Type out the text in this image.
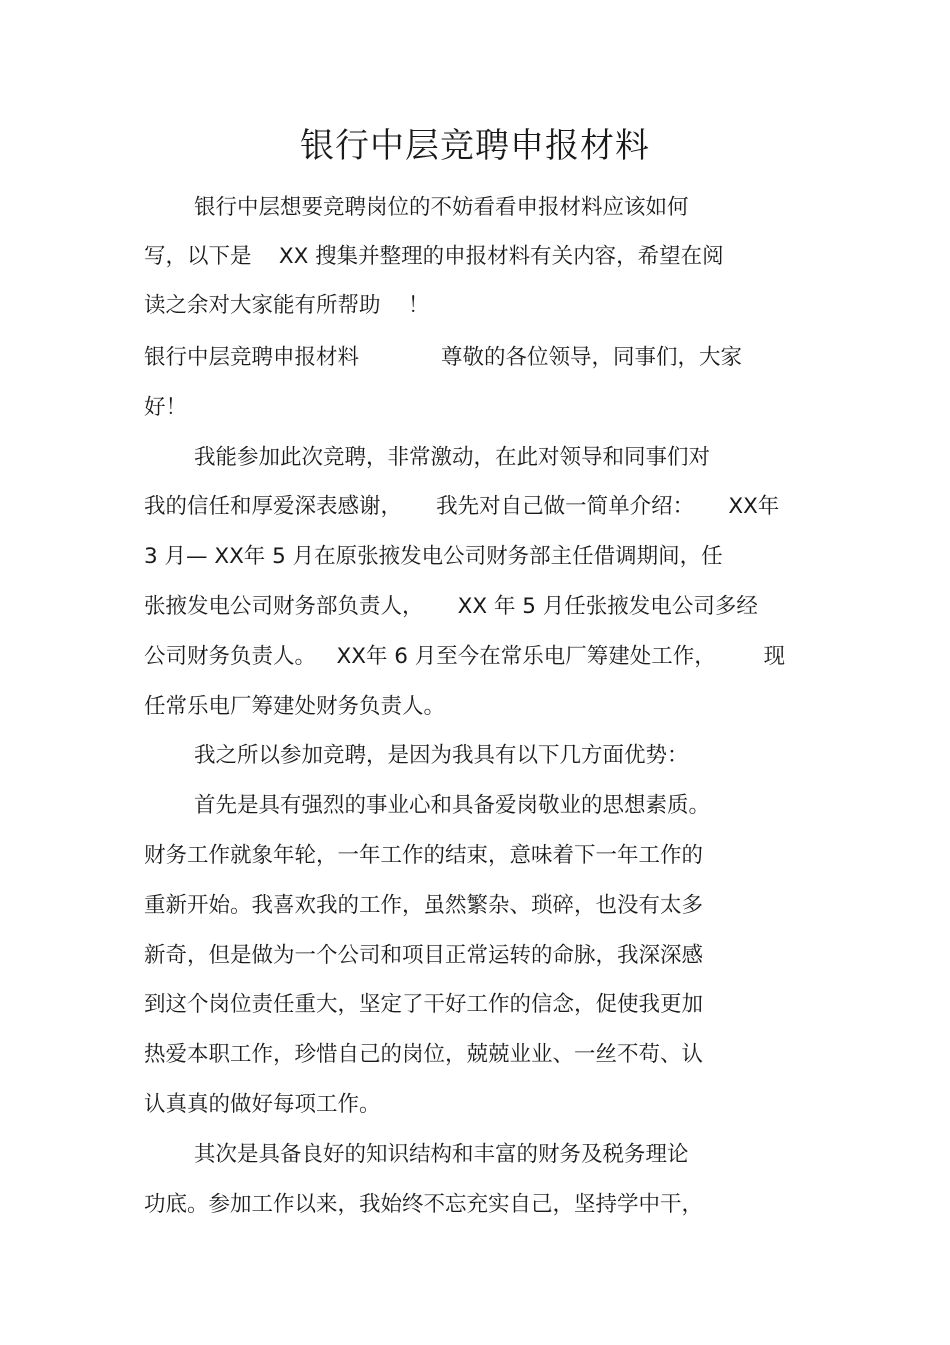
银行中层竞聘申报材料

银行中层想要竞聘岗位的不妨看看申报材料应该如何

写，以下是    XX 搜集并整理的申报材料有关内容，希望在阅

读之余对大家能有所帮助    ！

银行中层竞聘申报材料            尊敬的各位领导，同事们，大家

好！

我能参加此次竞聘，非常激动，在此对领导和同事们对

我的信任和厚爱深表感谢，     我先对自己做一简单介绍：     XX年

3 月— XX年 5 月在原张掖发电公司财务部主任借调期间，任

张掖发电公司财务部负责人，     XX 年 5 月任张掖发电公司多经

公司财务负责人。   XX年 6 月至今在常乐电厂筹建处工作，       现

任常乐电厂筹建处财务负责人。

我之所以参加竞聘，是因为我具有以下几方面优势：

首先是具有强烈的事业心和具备爱岗敬业的思想素质。

财务工作就象年轮，一年工作的结束，意味着下一年工作的

重新开始。我喜欢我的工作，虽然繁杂、琐碎，也没有太多

新奇，但是做为一个公司和项目正常运转的命脉，我深深感

到这个岗位责任重大，坚定了干好工作的信念，促使我更加

热爱本职工作，珍惜自己的岗位，兢兢业业、一丝不苟、认

认真真的做好每项工作。

其次是具备良好的知识结构和丰富的财务及税务理论

功底。参加工作以来，我始终不忘充实自己，坚持学中干，
